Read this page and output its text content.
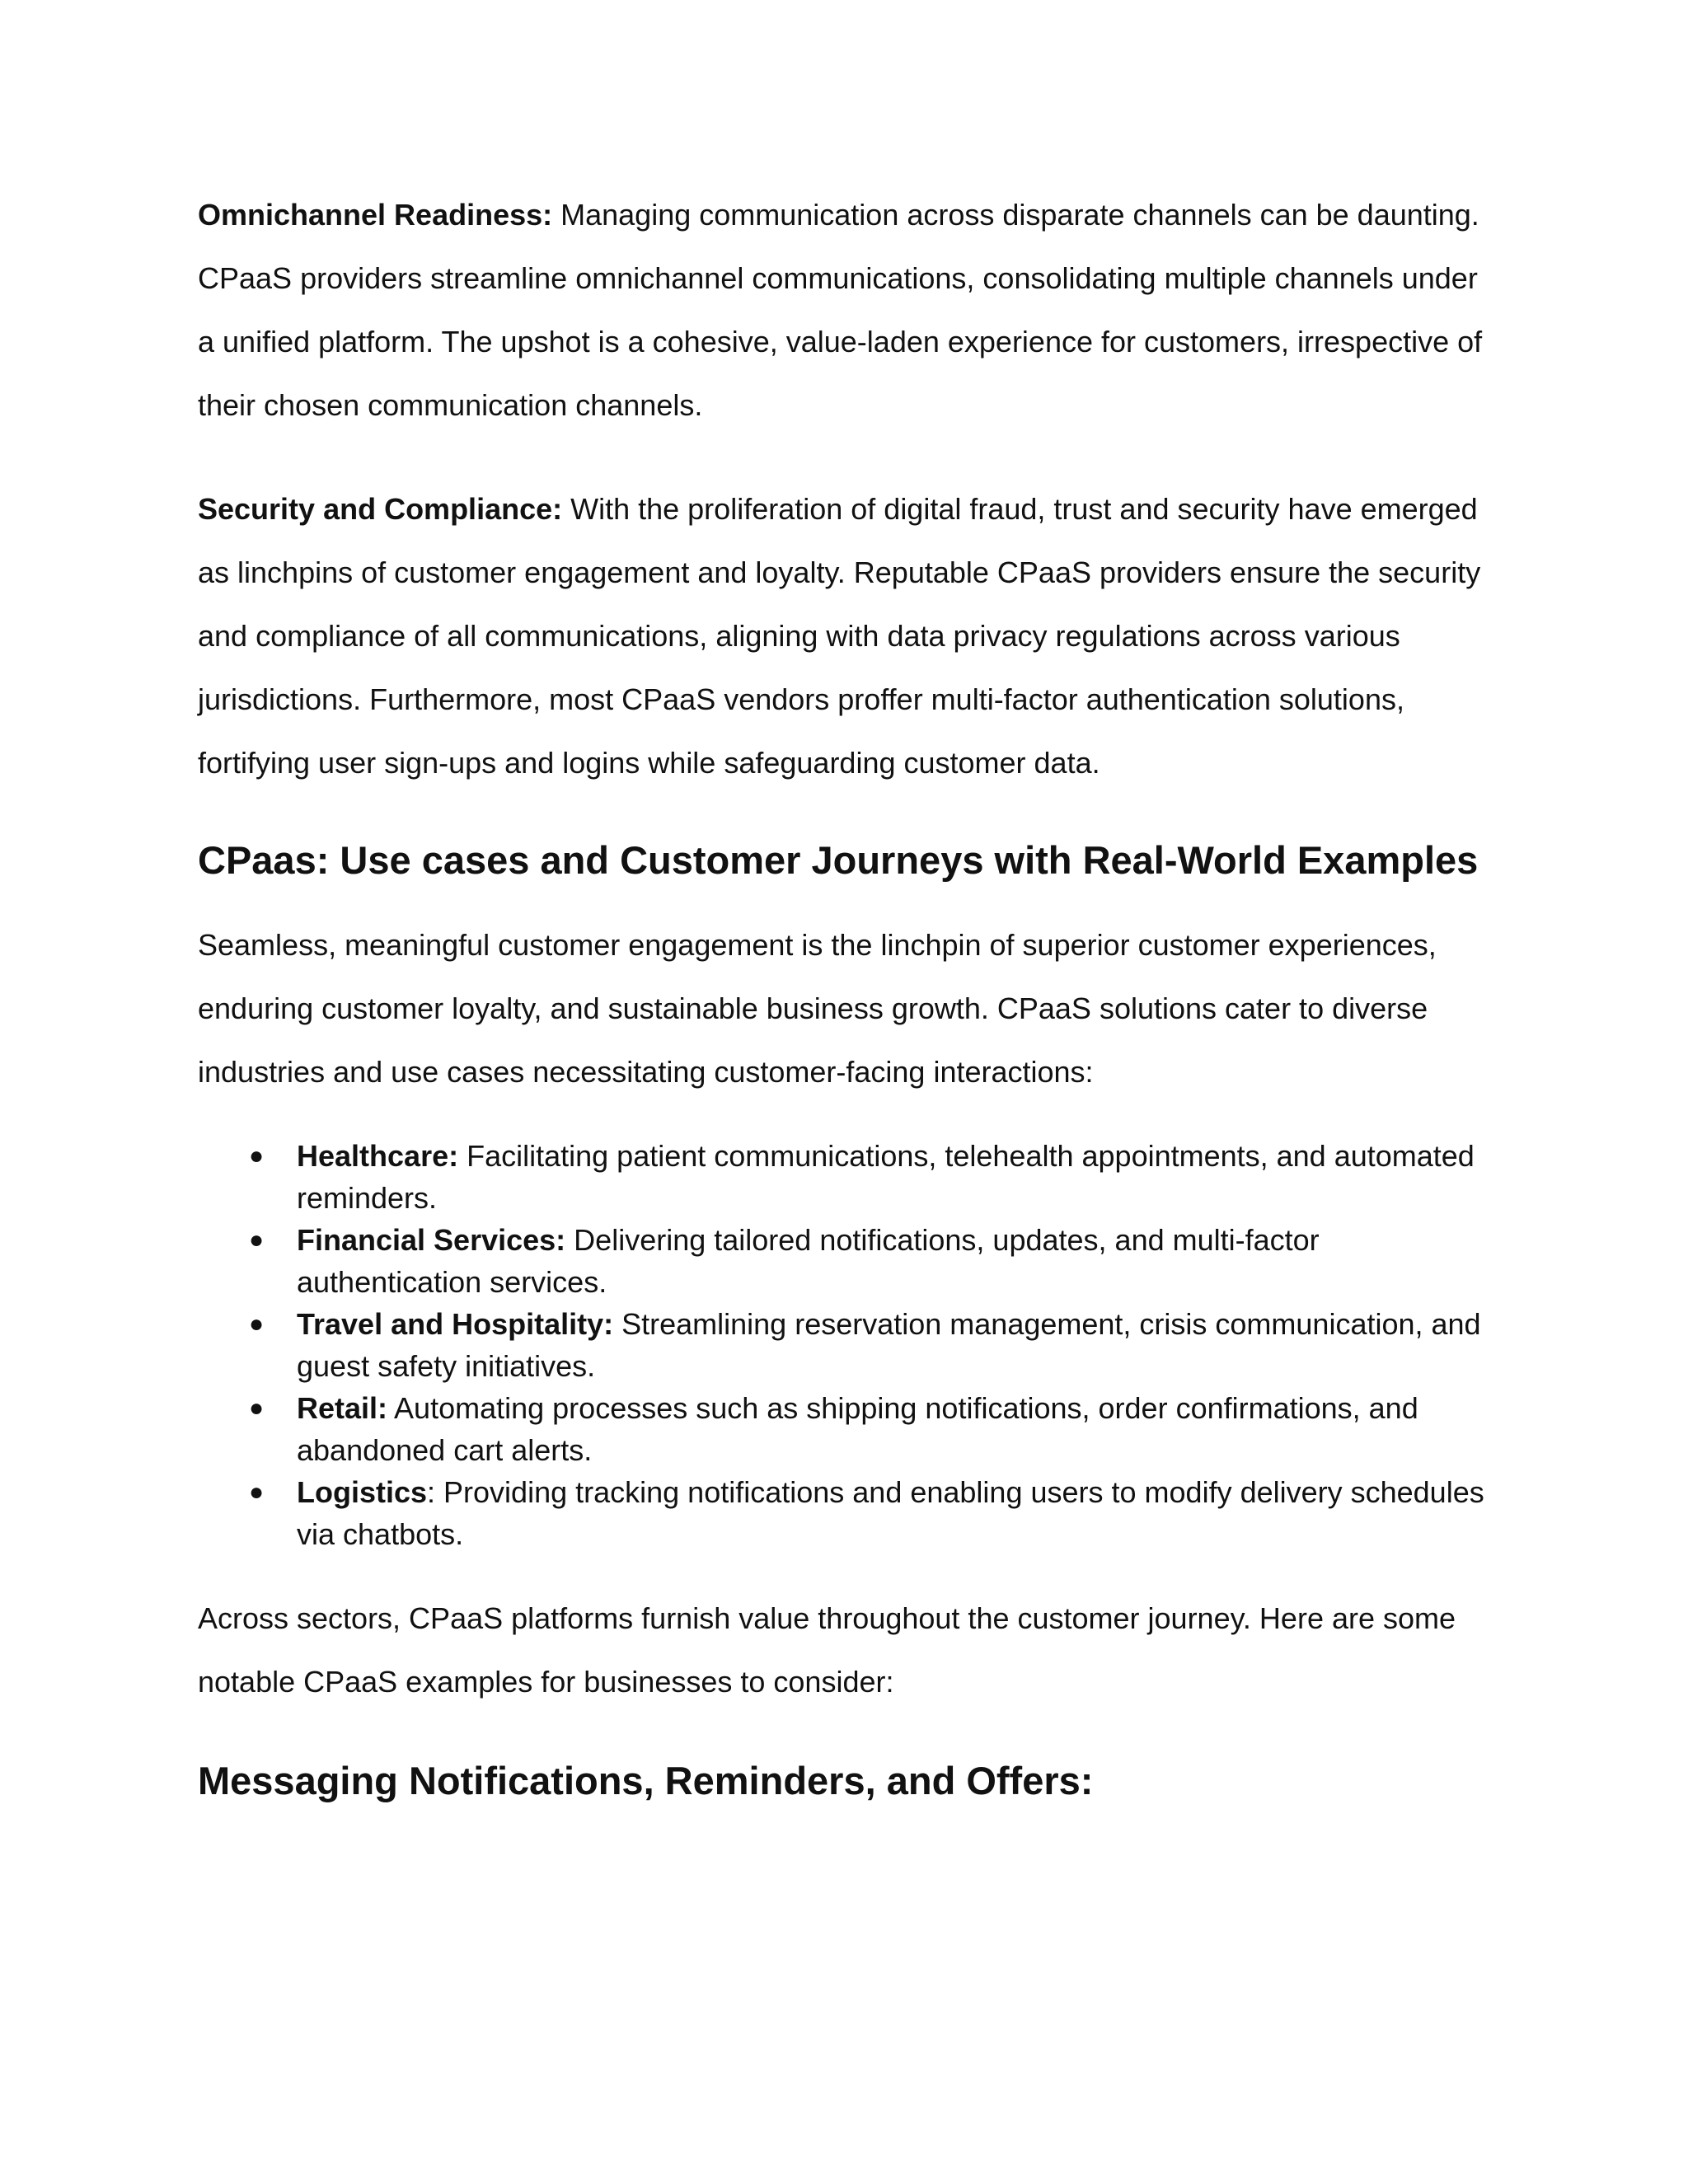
Omnichannel Readiness: Managing communication across disparate channels can be daunting. CPaaS providers streamline omnichannel communications, consolidating multiple channels under a unified platform. The upshot is a cohesive, value-laden experience for customers, irrespective of their chosen communication channels.

Security and Compliance: With the proliferation of digital fraud, trust and security have emerged as linchpins of customer engagement and loyalty. Reputable CPaaS providers ensure the security and compliance of all communications, aligning with data privacy regulations across various jurisdictions. Furthermore, most CPaaS vendors proffer multi-factor authentication solutions, fortifying user sign-ups and logins while safeguarding customer data.

CPaas: Use cases and Customer Journeys with Real-World Examples

Seamless, meaningful customer engagement is the linchpin of superior customer experiences, enduring customer loyalty, and sustainable business growth. CPaaS solutions cater to diverse industries and use cases necessitating customer-facing interactions:

● Healthcare: Facilitating patient communications, telehealth appointments, and automated reminders.
● Financial Services: Delivering tailored notifications, updates, and multi-factor authentication services.
● Travel and Hospitality: Streamlining reservation management, crisis communication, and guest safety initiatives.
● Retail: Automating processes such as shipping notifications, order confirmations, and abandoned cart alerts.
● Logistics: Providing tracking notifications and enabling users to modify delivery schedules via chatbots.

Across sectors, CPaaS platforms furnish value throughout the customer journey. Here are some notable CPaaS examples for businesses to consider:

Messaging Notifications, Reminders, and Offers:
